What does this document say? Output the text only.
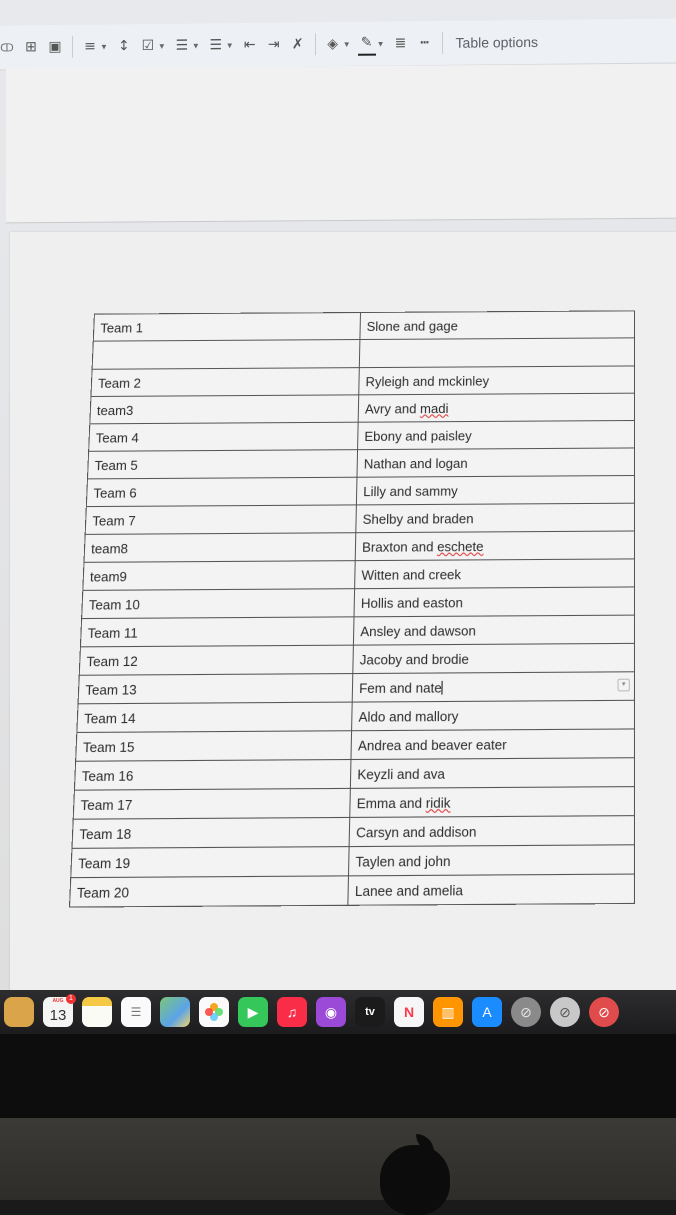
ↀ ⊞ ▣ ≡ ▼ ↕ ☑ ▼ ☰ ▼ ☰ ▼ ⇤ ⇥ ✗ ◈ ▼ ✎ ▼ ≣ ┅	Table options
Team 1	Slone and gage

Team 2	Ryleigh and mckinley
team3	Avry and madi
Team 4	Ebony and paisley
Team 5	Nathan and logan
Team 6	Lilly and sammy
Team 7	Shelby and braden
team8	Braxton and eschete
team9	Witten and creek
Team 10	Hollis and easton
Team 11	Ansley and dawson
Team 12	Jacoby and brodie
Team 13	Fem and nate ▾

Team 14	Aldo and mallory
Team 15	Andrea and beaver eater
Team 16	Keyzli and ava
Team 17	Emma and ridik
Team 18	Carsyn and addison
Team 19	Taylen and john
Team 20	Lanee and amelia
AUG
13
1
☰	▶	♫	◉	tv	N	▥	A	⊘	⊘	⊘
